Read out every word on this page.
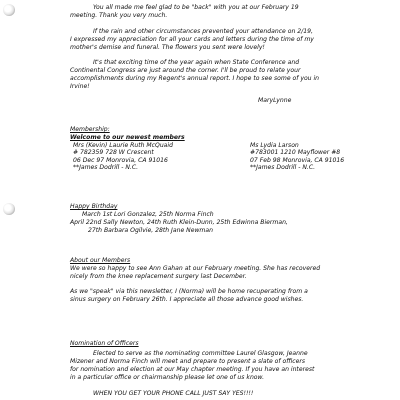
You all made me feel glad to be "back" with you at our February 19
meeting. Thank you very much.
If the rain and other circumstances prevented your attendance on 2/19,
I expressed my appreciation for all your cards and letters during the time of my
mother's demise and funeral. The flowers you sent were lovely!
It's that exciting time of the year again when State Conference and
Continental Congress are just around the corner. I'll be proud to relate your
accomplishments during my Regent's annual report. I hope to see some of you in
Irvine!
MaryLynne
Membership:
Welcome to our newest members
Mrs (Kevin) Laurie Ruth McQuaid
# 782359 728 W Crescent
06 Dec 97 Monrovia, CA 91016
**James Dodrill - N.C.
Ms Lydia Larson
#783001 1210 Mayflower #8
07 Feb 98 Monrovia, CA 91016
**James Dodrill - N.C.
Happy Birthday
March 1st Lori Gonzalez, 25th Norma Finch
April 22nd Sally Newton, 24th Ruth Klein-Dunn, 25th Edwinna Bierman,
27th Barbara Ogilvie, 28th Jane Newman
About our Members
We were so happy to see Ann Gahan at our February meeting. She has recovered
nicely from the knee replacement surgery last December.
As we "speak" via this newsletter, I (Norma) will be home recuperating from a
sinus surgery on February 26th. I appreciate all those advance good wishes.
Nomination of Officers
Elected to serve as the nominating committee Laurel Glasgow, Jeanne
Mizener and Norma Finch will meet and prepare to present a slate of officers
for nomination and election at our May chapter meeting. If you have an interest
in a particular office or chairmanship please let one of us know.
WHEN YOU GET YOUR PHONE CALL JUST SAY YES!!!!
